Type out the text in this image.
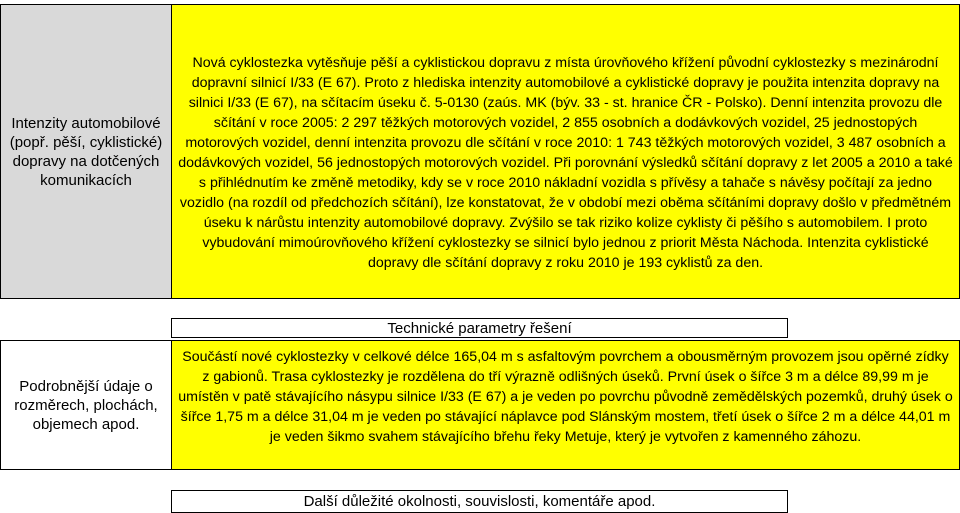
Intenzity automobilové (popř. pěší, cyklistické) dopravy na dotčených komunikacích

Nová cyklostezka vytěsňuje pěší a cyklistickou dopravu z místa úrovňového křížení původní cyklostezky s mezinárodní dopravní silnicí I/33 (E 67). Proto z hlediska intenzity automobilové a cyklistické dopravy je použita intenzita dopravy na silnici I/33 (E 67), na sčítacím úseku č. 5-0130 (zaús. MK (býv. 33 - st. hranice ČR - Polsko). Denní intenzita provozu dle sčítání v roce 2005: 2 297 těžkých motorových vozidel, 2 855 osobních a dodávkových vozidel, 25 jednostopých motorových vozidel, denní intenzita provozu dle sčítání v roce 2010: 1 743 těžkých motorových vozidel, 3 487 osobních a dodávkových vozidel, 56 jednostopých motorových vozidel. Při porovnání výsledků sčítání dopravy z let 2005 a 2010 a také s přihlédnutím ke změně metodiky, kdy se v roce 2010 nákladní vozidla s přívěsy a tahače s návěsy počítají za jedno vozidlo (na rozdíl od předchozích sčítání), lze konstatovat, že v období mezi oběma sčítáními dopravy došlo v předmětném úseku k nárůstu intenzity automobilové dopravy. Zvýšilo se tak riziko kolize cyklisty či pěšího s automobilem. I proto vybudování mimoúrovňového křížení cyklostezky se silnicí bylo jednou z priorit Města Náchoda. Intenzita cyklistické dopravy dle sčítání dopravy z roku 2010 je 193 cyklistů za den.

Technické parametry řešení
Podrobnější údaje o rozměrech, plochách, objemech apod.

Součástí nové cyklostezky v celkové délce 165,04 m s asfaltovým povrchem a obousměrným provozem jsou opěrné zídky z gabionů. Trasa cyklostezky je rozdělena do tří výrazně odlišných úseků. První úsek o šířce 3 m a délce 89,99 m je umístěn v patě stávajícího násypu silnice I/33 (E 67) a je veden po povrchu původně zemědělských pozemků, druhý úsek o šířce 1,75 m a délce 31,04 m je veden po stávající náplavce pod Slánským mostem, třetí úsek o šířce 2 m a délce 44,01 m je veden šikmo svahem stávajícího břehu řeky Metuje, který je vytvořen z kamenného záhozu.

Další důležité okolnosti, souvislosti, komentáře apod.
